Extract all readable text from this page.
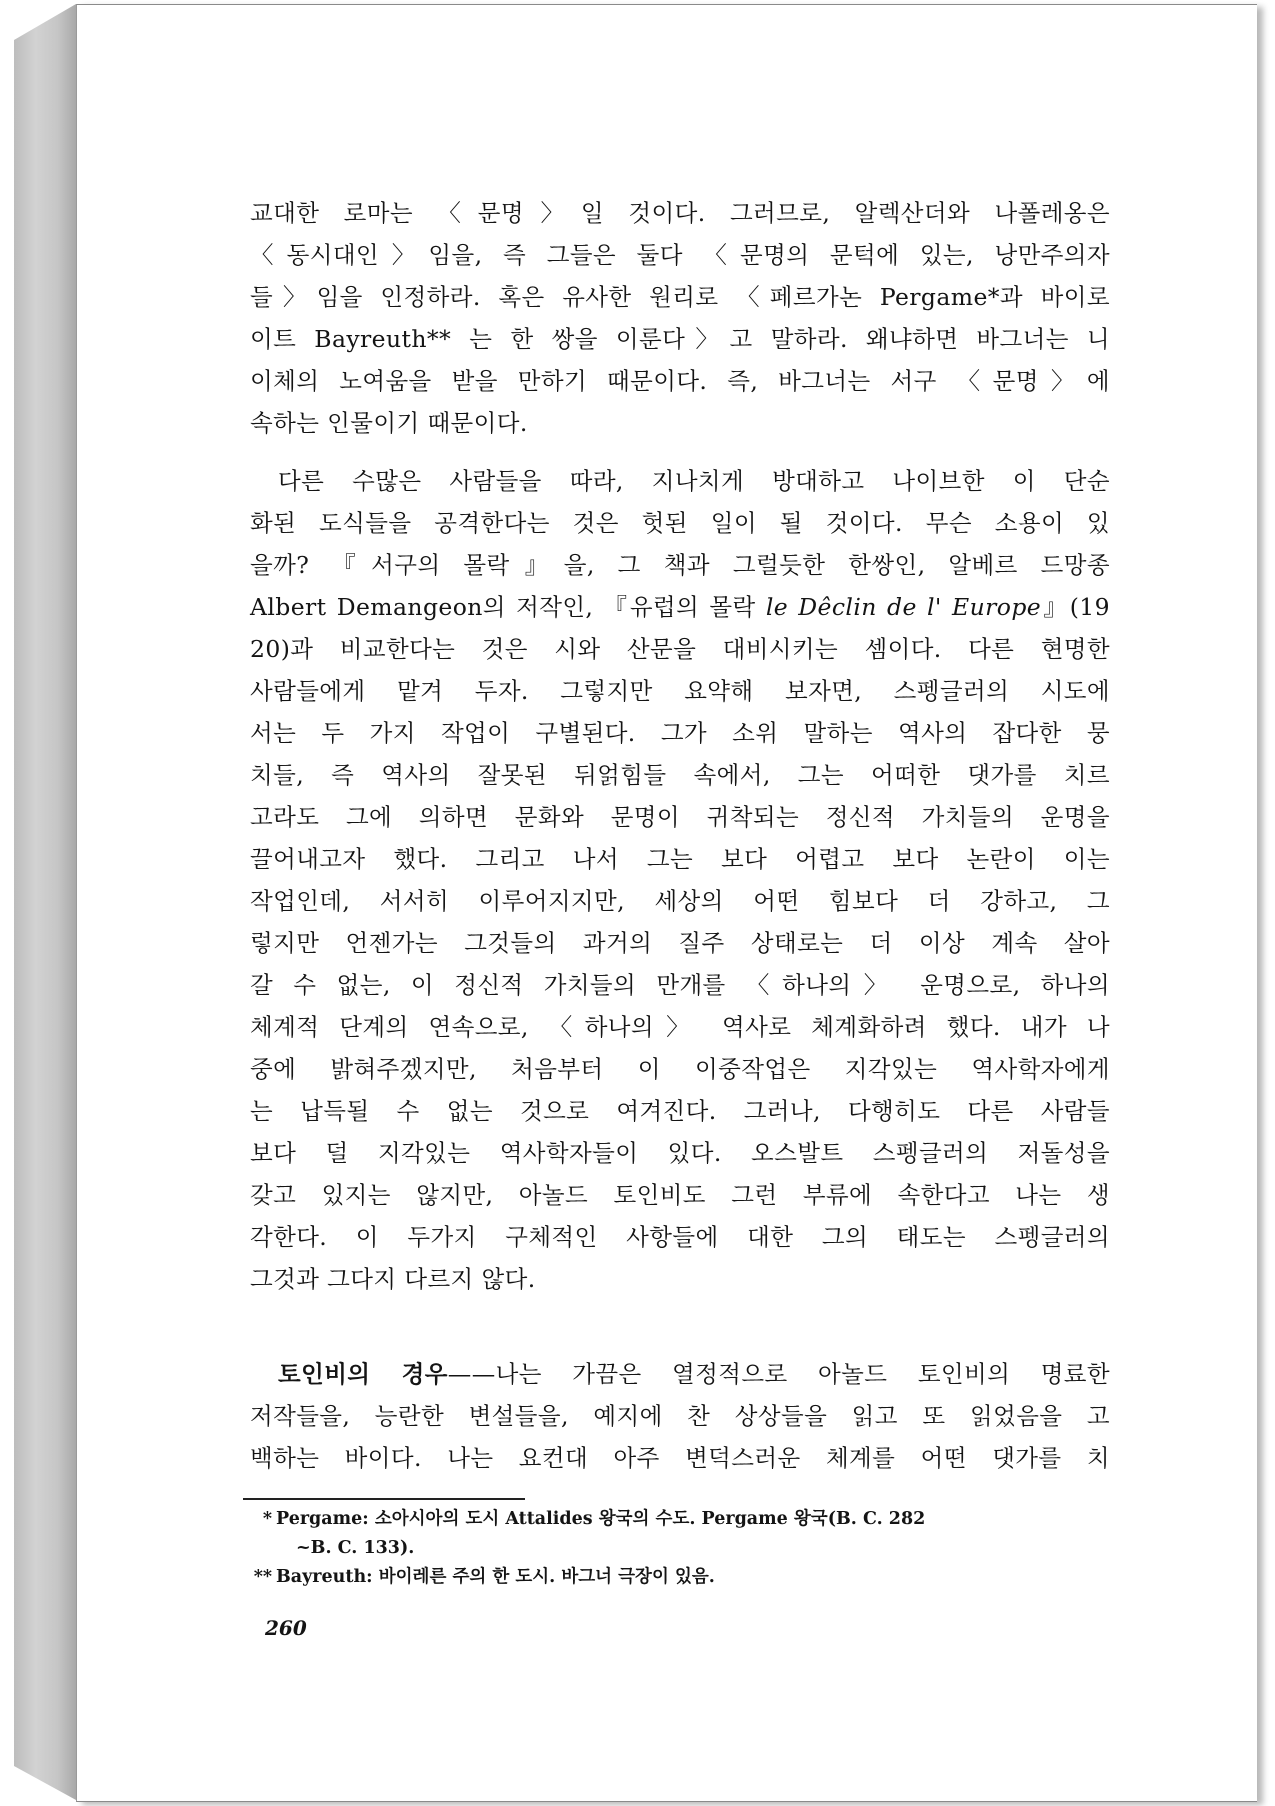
교대한 로마는 〈문명〉일 것이다. 그러므로, 알렉산더와 나폴레옹은
〈동시대인〉임을, 즉 그들은 둘다 〈문명의 문턱에 있는, 낭만주의자
들〉임을 인정하라. 혹은 유사한 원리로 〈페르가논 Pergame*과 바이로
이트 Bayreuth** 는 한 쌍을 이룬다〉고 말하라. 왜냐하면 바그너는 니
이체의 노여움을 받을 만하기 때문이다. 즉, 바그너는 서구 〈문명〉에
속하는 인물이기 때문이다.
다른 수많은 사람들을 따라, 지나치게 방대하고 나이브한 이 단순
화된 도식들을 공격한다는 것은 헛된 일이 될 것이다. 무슨 소용이 있
을까? 『서구의 몰락』을, 그 책과 그럴듯한 한쌍인, 알베르 드망종
Albert Demangeon의 저작인, 『유럽의 몰락 le Dêclin de l' Europe』(19
20)과 비교한다는 것은 시와 산문을 대비시키는 셈이다. 다른 현명한
사람들에게 맡겨 두자. 그렇지만 요약해 보자면, 스펭글러의 시도에
서는 두 가지 작업이 구별된다. 그가 소위 말하는 역사의 잡다한 뭉
치들, 즉 역사의 잘못된 뒤얽힘들 속에서, 그는 어떠한 댓가를 치르
고라도 그에 의하면 문화와 문명이 귀착되는 정신적 가치들의 운명을
끌어내고자 했다. 그리고 나서 그는 보다 어렵고 보다 논란이 이는
작업인데, 서서히 이루어지지만, 세상의 어떤 힘보다 더 강하고, 그
렇지만 언젠가는 그것들의 과거의 질주 상태로는 더 이상 계속 살아
갈 수 없는, 이 정신적 가치들의 만개를 〈하나의〉 운명으로, 하나의
체계적 단계의 연속으로, 〈하나의〉 역사로 체계화하려 했다. 내가 나
중에 밝혀주겠지만, 처음부터 이 이중작업은 지각있는 역사학자에게
는 납득될 수 없는 것으로 여겨진다. 그러나, 다행히도 다른 사람들
보다 덜 지각있는 역사학자들이 있다. 오스발트 스펭글러의 저돌성을
갖고 있지는 않지만, 아놀드 토인비도 그런 부류에 속한다고 나는 생
각한다. 이 두가지 구체적인 사항들에 대한 그의 태도는 스펭글러의
그것과 그다지 다르지 않다.
토인비의 경우——나는 가끔은 열정적으로 아놀드 토인비의 명료한
저작들을, 능란한 변설들을, 예지에 찬 상상들을 읽고 또 읽었음을 고
백하는 바이다. 나는 요컨대 아주 변덕스러운 체계를 어떤 댓가를 치
* Pergame: 소아시아의 도시 Attalides 왕국의 수도. Pergame 왕국(B. C. 282
~B. C. 133).
** Bayreuth: 바이레른 주의 한 도시. 바그너 극장이 있음.
260
